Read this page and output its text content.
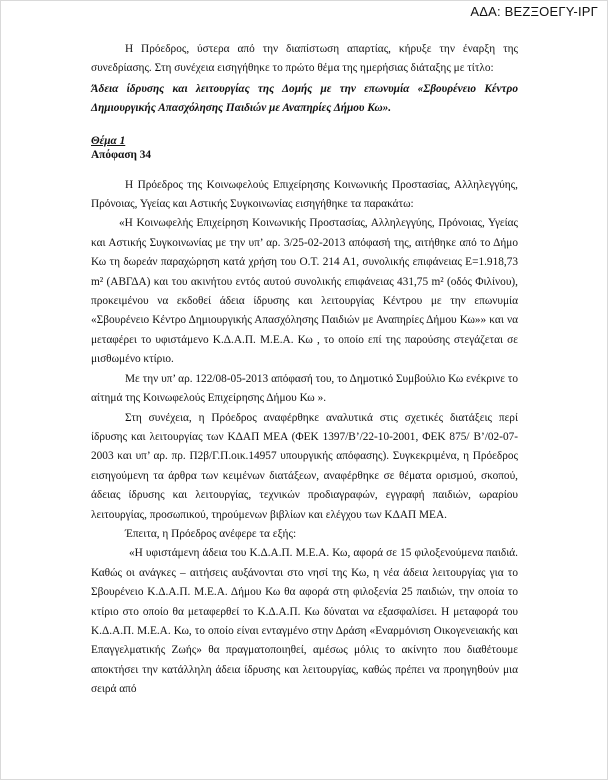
ΑΔΑ: ΒΕΖΞΟΕΓΥ-ΙΡΓ

Η Πρόεδρος, ύστερα από την διαπίστωση απαρτίας, κήρυξε την έναρξη της συνεδρίασης. Στη συνέχεια εισηγήθηκε το πρώτο θέμα της ημερήσιας διάταξης με τίτλο:

Άδεια ίδρυσης και λειτουργίας της Δομής με την επωνυμία «Σβουρένειο Κέντρο Δημιουργικής Απασχόλησης Παιδιών με Αναπηρίες Δήμου Κω».

Θέμα 1

Απόφαση 34

Η Πρόεδρος της Κοινωφελούς Επιχείρησης Κοινωνικής Προστασίας, Αλληλεγγύης, Πρόνοιας, Υγείας και Αστικής Συγκοινωνίας εισηγήθηκε τα παρακάτω:

«Η Κοινωφελής Επιχείρηση Κοινωνικής Προστασίας, Αλληλεγγύης, Πρόνοιας, Υγείας και Αστικής Συγκοινωνίας με την υπ’ αρ. 3/25-02-2013 απόφασή της, αιτήθηκε από το Δήμο Κω τη δωρεάν παραχώρηση κατά χρήση του Ο.Τ. 214 Α1, συνολικής επιφάνειας Ε=1.918,73 m² (ΑΒΓΔΑ) και του ακινήτου εντός αυτού συνολικής επιφάνειας 431,75 m² (οδός Φιλίνου), προκειμένου να εκδοθεί άδεια ίδρυσης και λειτουργίας Κέντρου με την επωνυμία «Σβουρένειο Κέντρο Δημιουργικής Απασχόλησης Παιδιών με Αναπηρίες Δήμου Κω»» και να μεταφέρει το υφιστάμενο Κ.Δ.Α.Π. Μ.Ε.Α. Κω , το οποίο επί της παρούσης στεγάζεται σε μισθωμένο κτίριο.

Με την υπ’ αρ. 122/08-05-2013 απόφασή του, το Δημοτικό Συμβούλιο Κω ενέκρινε το αίτημά της Κοινωφελούς Επιχείρησης Δήμου Κω ».

Στη συνέχεια, η Πρόεδρος αναφέρθηκε αναλυτικά στις σχετικές διατάξεις περί ίδρυσης και λειτουργίας των ΚΔΑΠ ΜΕΑ (ΦΕΚ 1397/Β’/22-10-2001, ΦΕΚ 875/ Β’/02-07-2003 και υπ’ αρ. πρ. Π2β/Γ.Π.οικ.14957 υπουργικής απόφασης). Συγκεκριμένα, η Πρόεδρος εισηγούμενη τα άρθρα των κειμένων διατάξεων, αναφέρθηκε σε θέματα ορισμού, σκοπού, άδειας ίδρυσης και λειτουργίας, τεχνικών προδιαγραφών, εγγραφή παιδιών, ωραρίου λειτουργίας, προσωπικού, τηρούμενων βιβλίων και ελέγχου των ΚΔΑΠ ΜΕΑ.

Έπειτα, η Πρόεδρος ανέφερε τα εξής:

«Η υφιστάμενη άδεια του Κ.Δ.Α.Π. Μ.Ε.Α. Κω, αφορά σε 15 φιλοξενούμενα παιδιά. Καθώς οι ανάγκες – αιτήσεις αυξάνονται στο νησί της Κω, η νέα άδεια λειτουργίας για το Σβουρένειο Κ.Δ.Α.Π. Μ.Ε.Α. Δήμου Κω θα αφορά στη φιλοξενία 25 παιδιών, την οποία το κτίριο στο οποίο θα μεταφερθεί το Κ.Δ.Α.Π. Κω δύναται να εξασφαλίσει. Η μεταφορά του Κ.Δ.Α.Π. Μ.Ε.Α. Κω, το οποίο είναι ενταγμένο στην Δράση «Εναρμόνιση Οικογενειακής και Επαγγελματικής Ζωής» θα πραγματοποιηθεί, αμέσως μόλις το ακίνητο που διαθέτουμε αποκτήσει την κατάλληλη άδεια ίδρυσης και λειτουργίας, καθώς πρέπει να προηγηθούν μια σειρά από
